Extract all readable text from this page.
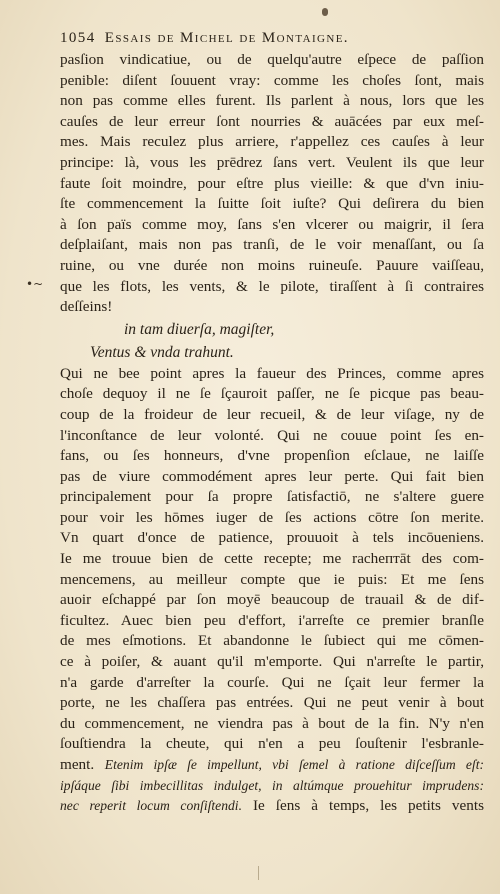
1054 Essais de Michel de Montaigne.
•~
pasſion vindicatiue, ou de quelqu'autre eſpece de paſſion
penible: diſent ſouuent vray: comme les choſes ſont, mais
non pas comme elles furent. Ils parlent à nous, lors que les
cauſes de leur erreur ſont nourries & auācées par eux meſ-
mes. Mais reculez plus arriere, r'appellez ces cauſes à leur
principe: là, vous les prēdrez ſans vert. Veulent ils que leur
faute ſoit moindre, pour eſtre plus vieille: & que d'vn iniu-
ſte commencement la ſuitte ſoit iuſte? Qui deſirera du bien
à ſon païs comme moy, ſans s'en vlcerer ou maigrir, il ſera
deſplaiſant, mais non pas tranſi, de le voir menaſſant, ou ſa
ruine, ou vne durée non moins ruineuſe. Pauure vaiſſeau,
que les flots, les vents, & le pilote, tiraſſent à ſi contraires
deſſeins!
in tam diuerſa, magiſter,
Ventus & vnda trahunt.
Qui ne bee point apres la faueur des Princes, comme apres
choſe dequoy il ne ſe ſçauroit paſſer, ne ſe picque pas beau-
coup de la froideur de leur recueil, & de leur viſage, ny de
l'inconſtance de leur volonté. Qui ne couue point ſes en-
fans, ou ſes honneurs, d'vne propenſion eſclaue, ne laiſſe
pas de viure commodément apres leur perte. Qui fait bien
principalement pour ſa propre ſatisfactiō, ne s'altere guere
pour voir les hōmes iuger de ſes actions cōtre ſon merite.
Vn quart d'once de patience, prouuoit à tels incōueniens.
Ie me trouue bien de cette recepte; me rachептāt des com-
mencemens, au meilleur compte que ie puis: Et me ſens
auoir eſchappé par ſon moyē beaucoup de trauail & de dif-
ficultez. Auec bien peu d'effort, i'arreſte ce premier branſle
de mes eſmotions. Et abandonne le ſubiect qui me cōmen-
ce à poiſer, & auant qu'il m'emporte. Qui n'arreſte le partir,
n'a garde d'arreſter la courſe. Qui ne ſçait leur fermer la
porte, ne les chaſſera pas entrées. Qui ne peut venir à bout
du commencement, ne viendra pas à bout de la fin. N'y n'en
ſouſtiendra la cheute, qui n'en a peu ſouſtenir l'esbranle-
ment. Etenim ipſæ ſe impellunt, vbi ſemel à ratione diſceſſum eſt:
ipſáque ſibi imbecillitas indulget, in altúmque prouehitur imprudens:
nec reperit locum conſiſtendi. Ie ſens à temps, les petits vents
